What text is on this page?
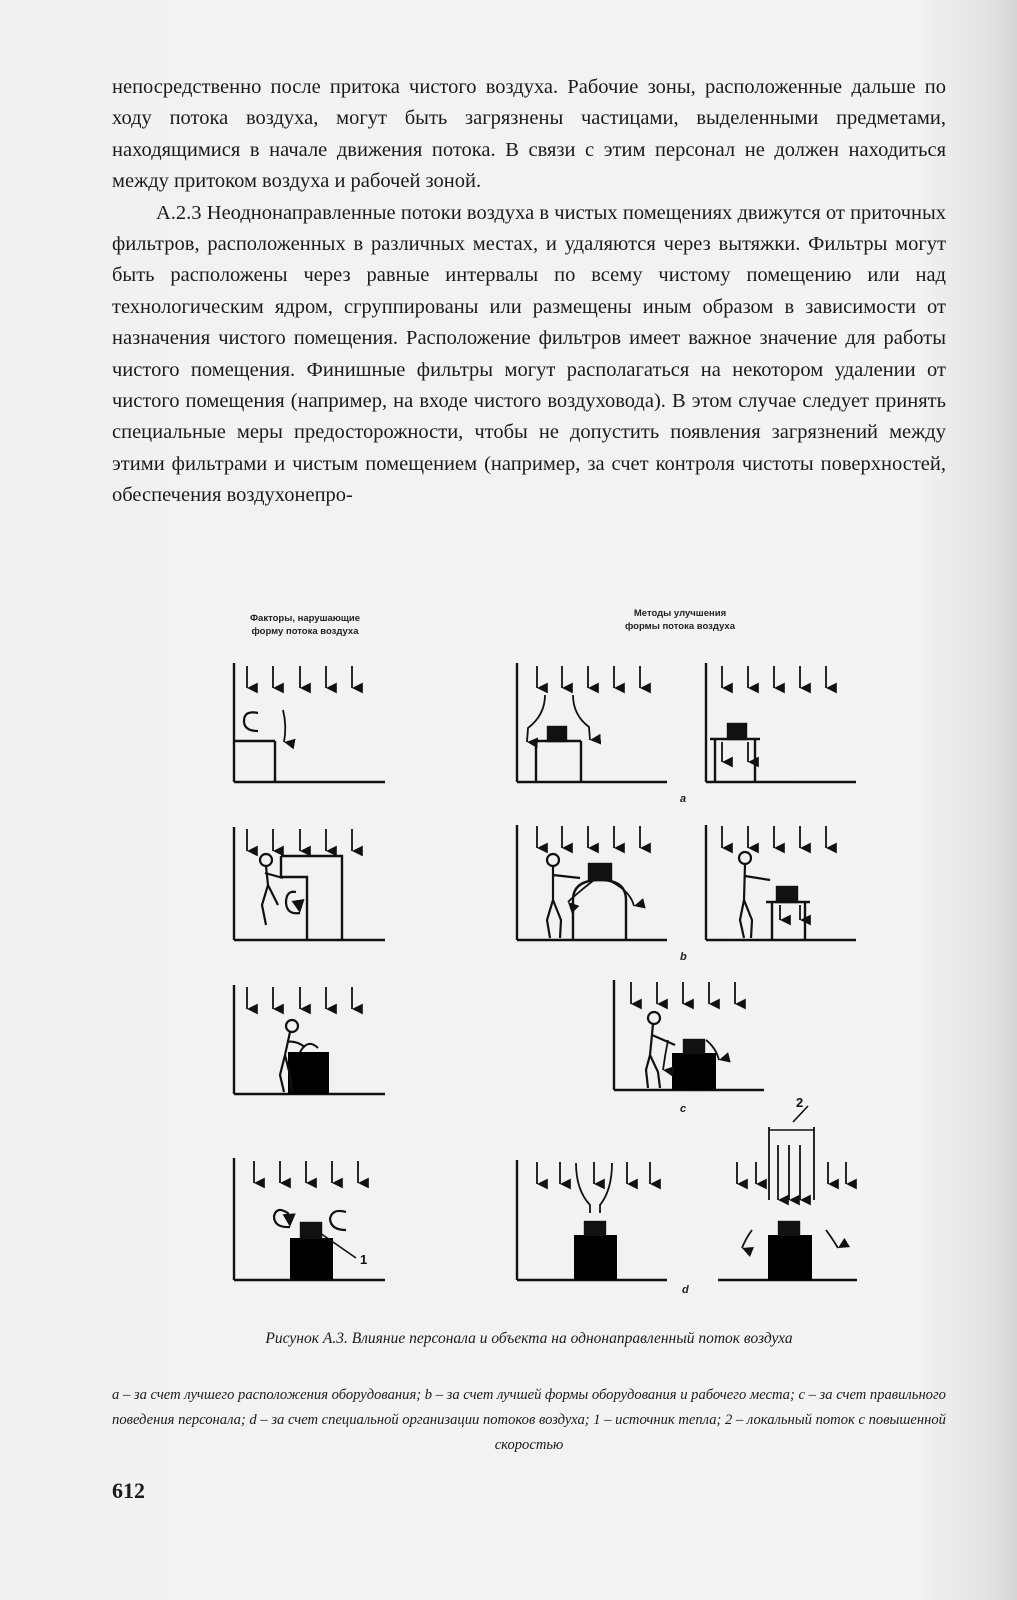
непосредственно после притока чистого воздуха. Рабочие зоны, расположенные дальше по ходу потока воздуха, могут быть загрязнены частицами, выделенными предметами, находящимися в начале движения потока. В связи с этим персонал не должен находиться между притоком воздуха и рабочей зоной.

А.2.3 Неоднонаправленные потоки воздуха в чистых помещениях движутся от приточных фильтров, расположенных в различных местах, и удаляются через вытяжки. Фильтры могут быть расположены через равные интервалы по всему чистому помещению или над технологическим ядром, сгруппированы или размещены иным образом в зависимости от назначения чистого помещения. Расположение фильтров имеет важное значение для работы чистого помещения. Финишные фильтры могут располагаться на некотором удалении от чистого помещения (например, на входе чистого воздуховода). В этом случае следует принять специальные меры предосторожности, чтобы не допустить появления загрязнений между этими фильтрами и чистым помещением (например, за счет контроля чистоты поверхностей, обеспечения воздухонепро-

Факторы, нарушающие
форму потока воздуха
Методы улучшения
формы потока воздуха
1
2
a
b
c
d
Рисунок А.3. Влияние персонала и объекта на однонаправленный поток воздуха
a – за счет лучшего расположения оборудования; b – за счет лучшей формы оборудования и рабочего места; c – за счет правильного поведения персонала; d – за счет специальной организации потоков воздуха; 1 – источник тепла; 2 – локальный поток с повышенной скоростью
612
